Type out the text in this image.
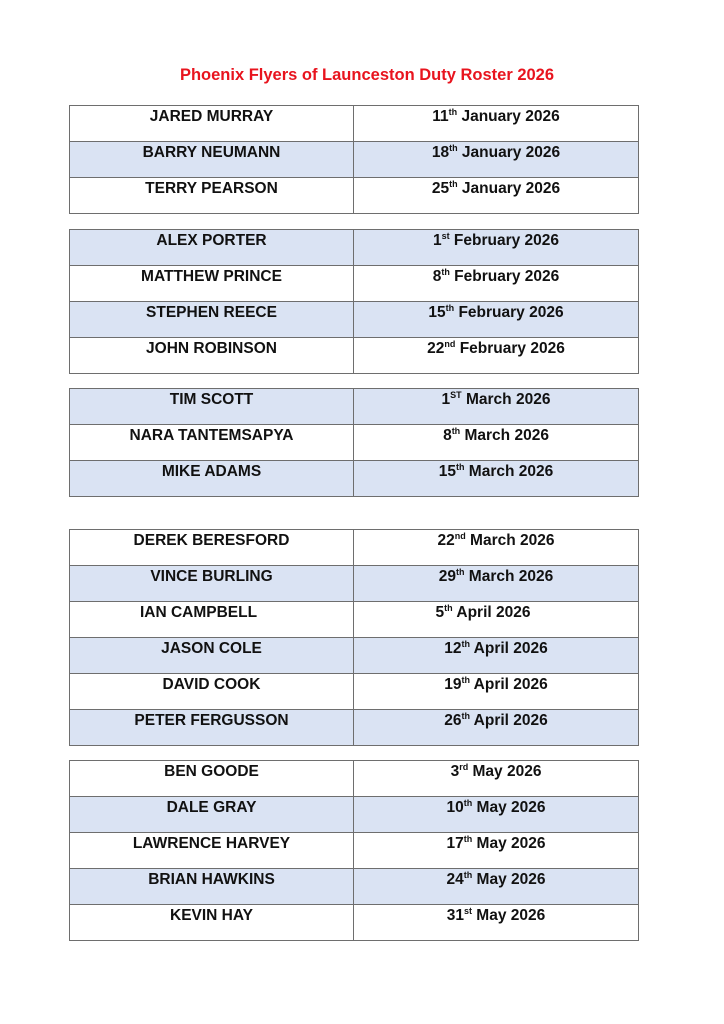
Phoenix Flyers of Launceston Duty Roster 2026
JARED MURRAY	11th January 2026

BARRY NEUMANN	18th January 2026

TERRY PEARSON	25th January 2026
ALEX PORTER	1st February 2026

MATTHEW PRINCE	8th February 2026

STEPHEN REECE	15th February 2026

JOHN ROBINSON	22nd February 2026
TIM SCOTT	1ST March 2026

NARA TANTEMSAPYA	8th March 2026

MIKE ADAMS	15th March 2026
DEREK BERESFORD	22nd March 2026

VINCE BURLING	29th March 2026

IAN CAMPBELL	5th April 2026

JASON COLE	12th April 2026

DAVID COOK	19th April 2026

PETER FERGUSSON	26th April 2026
BEN GOODE	3rd May 2026

DALE GRAY	10th May 2026

LAWRENCE HARVEY	17th May 2026

BRIAN HAWKINS	24th May 2026

KEVIN HAY	31st May 2026
